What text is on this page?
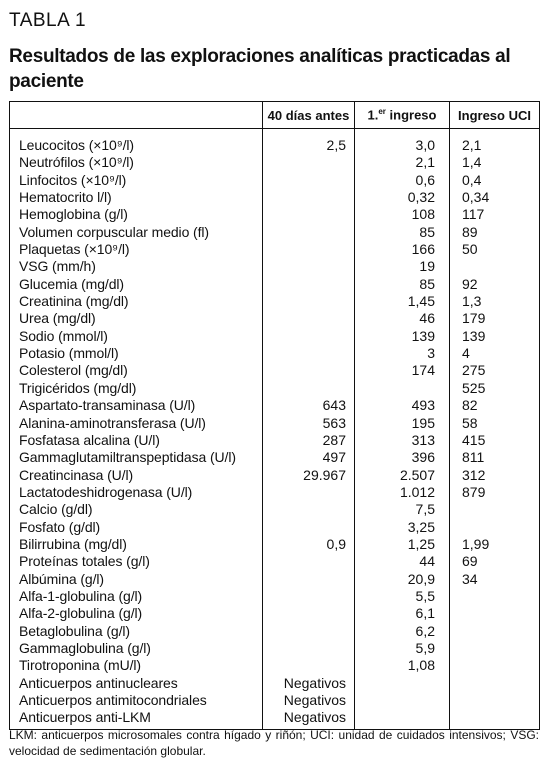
TABLA 1
Resultados de las exploraciones analíticas practicadas al paciente
	40 días antes	1.$^{er}$ ingreso	Ingreso UCI
Leucocitos (×10⁹/l)	2,5	3,0	2,1
Neutrófilos (×10⁹/l)		2,1	1,4
Linfocitos (×10⁹/l)		0,6	0,4
Hematocrito l/l)		0,32	0,34
Hemoglobina (g/l)		108	117
Volumen corpuscular medio (fl)		85	89
Plaquetas (×10⁹/l)		166	50
VSG (mm/h)		19	
Glucemia (mg/dl)		85	92
Creatinina (mg/dl)		1,45	1,3
Urea (mg/dl)		46	179
Sodio (mmol/l)		139	139
Potasio (mmol/l)		3	4
Colesterol (mg/dl)		174	275
Trigicéridos (mg/dl)			525
Aspartato-transaminasa (U/l)	643	493	82
Alanina-aminotransferasa (U/l)	563	195	58
Fosfatasa alcalina (U/l)	287	313	415
Gammaglutamiltranspeptidasa (U/l)	497	396	811
Creatincinasa (U/l)	29.967	2.507	312
Lactatodeshidrogenasa (U/l)		1.012	879
Calcio (g/dl)		7,5	
Fosfato (g/dl)		3,25	
Bilirrubina (mg/dl)	0,9	1,25	1,99
Proteínas totales (g/l)		44	69
Albúmina (g/l)		20,9	34
Alfa-1-globulina (g/l)		5,5	
Alfa-2-globulina (g/l)		6,1	
Betaglobulina (g/l)		6,2	
Gammaglobulina (g/l)		5,9	
Tirotroponina (mU/l)		1,08	
Anticuerpos antinucleares	Negativos		
Anticuerpos antimitocondriales	Negativos		
Anticuerpos anti-LKM	Negativos		
LKM: anticuerpos microsomales contra hígado y riñón; UCI: unidad de cuidados intensivos; VSG: velocidad de sedimentación globular.
